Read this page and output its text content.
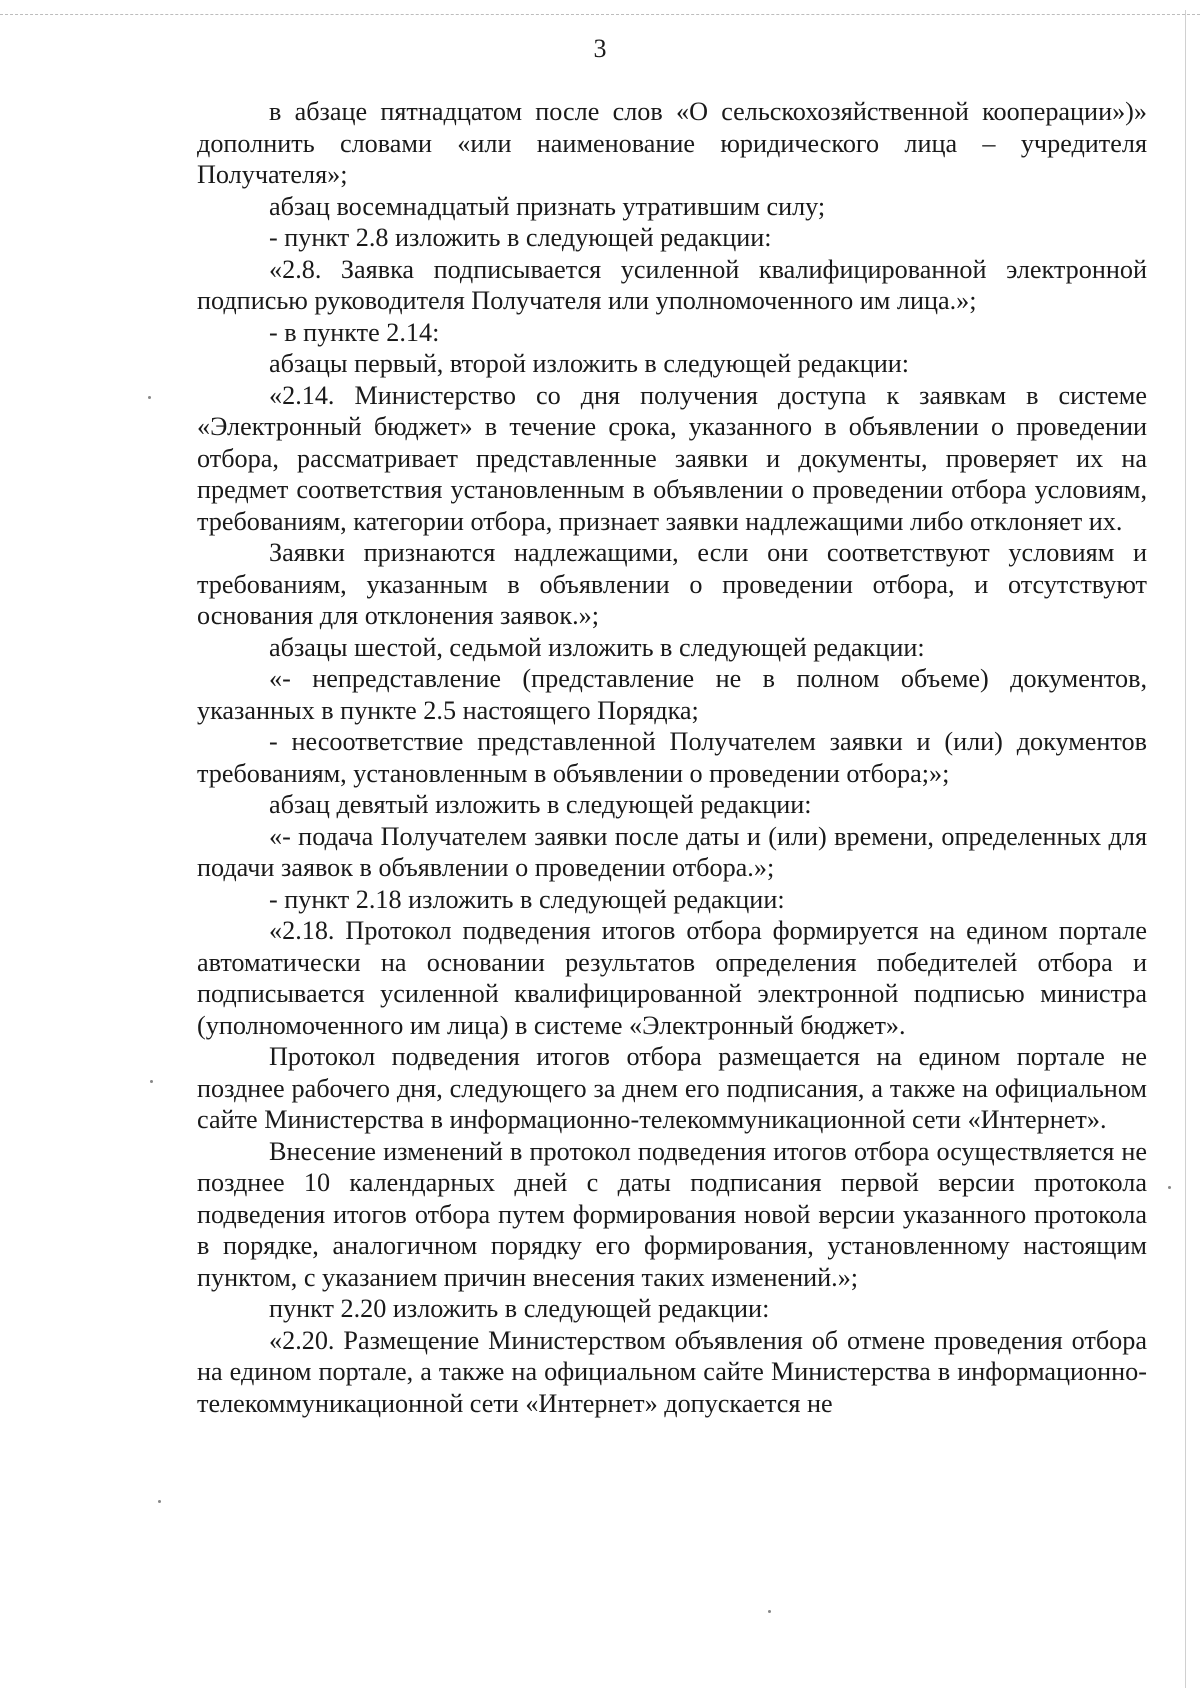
3

в абзаце пятнадцатом после слов «О сельскохозяйственной кооперации»)» дополнить словами «или наименование юридического лица – учредителя Получателя»;

абзац восемнадцатый признать утратившим силу;

- пункт 2.8 изложить в следующей редакции:

«2.8. Заявка подписывается усиленной квалифицированной электронной подписью руководителя Получателя или уполномоченного им лица.»;

- в пункте 2.14:

абзацы первый, второй изложить в следующей редакции:

«2.14. Министерство со дня получения доступа к заявкам в системе «Электронный бюджет» в течение срока, указанного в объявлении о проведении отбора, рассматривает представленные заявки и документы, проверяет их на предмет соответствия установленным в объявлении о проведении отбора условиям, требованиям, категории отбора, признает заявки надлежащими либо отклоняет их.

Заявки признаются надлежащими, если они соответствуют условиям и требованиям, указанным в объявлении о проведении отбора, и отсутствуют основания для отклонения заявок.»;

абзацы шестой, седьмой изложить в следующей редакции:

«- непредставление (представление не в полном объеме) документов, указанных в пункте 2.5 настоящего Порядка;

- несоответствие представленной Получателем заявки и (или) документов требованиям, установленным в объявлении о проведении отбора;»;

абзац девятый изложить в следующей редакции:

«- подача Получателем заявки после даты и (или) времени, определенных для подачи заявок в объявлении о проведении отбора.»;

- пункт 2.18 изложить в следующей редакции:

«2.18. Протокол подведения итогов отбора формируется на едином портале автоматически на основании результатов определения победителей отбора и подписывается усиленной квалифицированной электронной подписью министра (уполномоченного им лица) в системе «Электронный бюджет».

Протокол подведения итогов отбора размещается на едином портале не позднее рабочего дня, следующего за днем его подписания, а также на официальном сайте Министерства в информационно-телекоммуникационной сети «Интернет».

Внесение изменений в протокол подведения итогов отбора осуществляется не позднее 10 календарных дней с даты подписания первой версии протокола подведения итогов отбора путем формирования новой версии указанного протокола в порядке, аналогичном порядку его формирования, установленному настоящим пунктом, с указанием причин внесения таких изменений.»;

пункт 2.20 изложить в следующей редакции:

«2.20. Размещение Министерством объявления об отмене проведения отбора на едином портале, а также на официальном сайте Министерства в информационно-телекоммуникационной сети «Интернет» допускается не
